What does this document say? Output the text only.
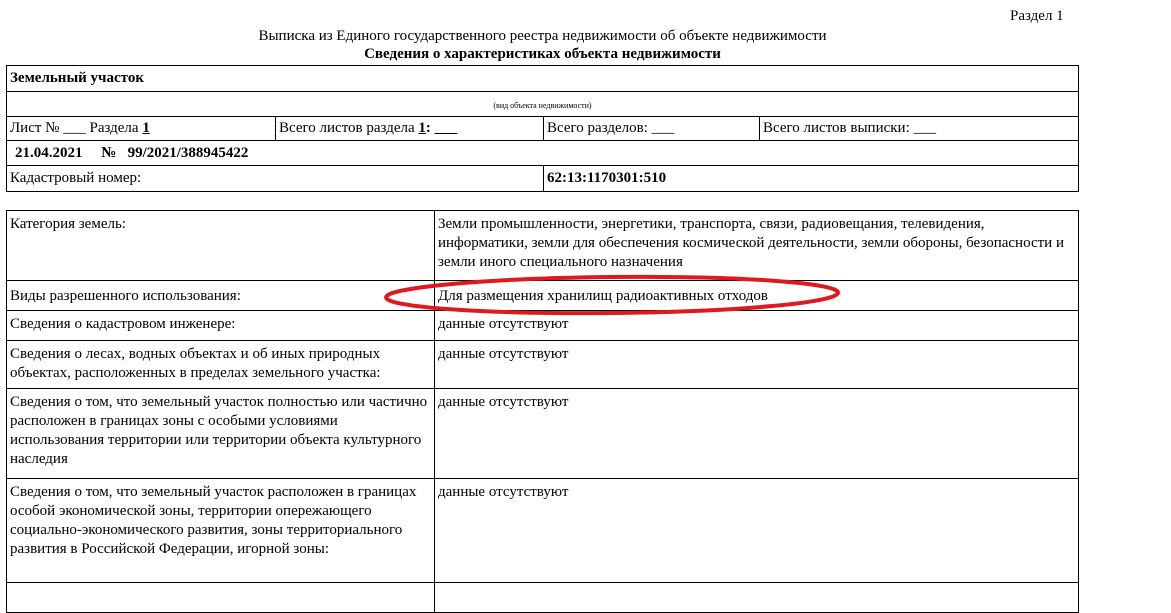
Раздел 1
Выписка из Единого государственного реестра недвижимости об объекте недвижимости
Сведения о характеристиках объекта недвижимости
Земельный участок
(вид объекта недвижимости)
Лист № ___ Раздела 1	Всего листов раздела 1: ___	Всего разделов: ___	Всего листов выписки: ___
21.04.2021 № 99/2021/388945422
Кадастровый номер:	62:13:1170301:510
Категория земель:	Земли промышленности, энергетики, транспорта, связи, радиовещания, телевидения, информатики, земли для обеспечения космической деятельности, земли обороны, безопасности и земли иного специального назначения
Виды разрешенного использования:	Для размещения хранилищ радиоактивных отходов
Сведения о кадастровом инженере:	данные отсутствуют
Сведения о лесах, водных объектах и об иных природных объектах, расположенных в пределах земельного участка:	данные отсутствуют
Сведения о том, что земельный участок полностью или частично расположен в границах зоны с особыми условиями использования территории или территории объекта культурного наследия	данные отсутствуют
Сведения о том, что земельный участок расположен в границах особой экономической зоны, территории опережающего социально-экономического развития, зоны территориального развития в Российской Федерации, игорной зоны:	данные отсутствуют
